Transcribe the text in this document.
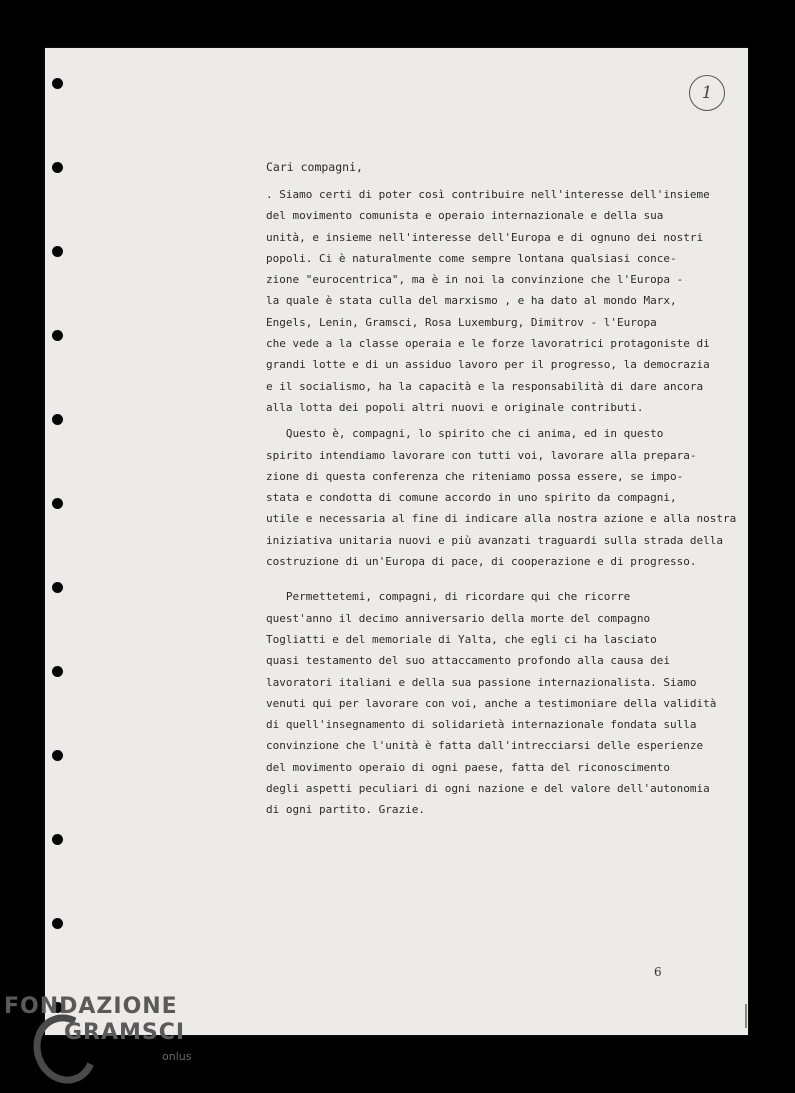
1
Cari compagni,
. Siamo certi di poter così contribuire nell'interesse dell'insieme
del movimento comunista e operaio internazionale e della sua
unità, e insieme nell'interesse dell'Europa e di ognuno dei nostri
popoli. Ci è naturalmente come sempre lontana qualsiasi conce-
zione "eurocentrica", ma è in noi la convinzione che l'Europa -
la quale è stata culla del marxismo , e ha dato al mondo Marx,
Engels, Lenin, Gramsci, Rosa Luxemburg, Dimitrov - l'Europa
che vede a la classe operaia e le forze lavoratrici protagoniste di
grandi lotte e di un assiduo lavoro per il progresso, la democrazia
e il socialismo, ha la capacità e la responsabilità di dare ancora
alla lotta dei popoli altri nuovi e originale contributi.
Questo è, compagni, lo spirito che ci anima, ed in questo
spirito intendiamo lavorare con tutti voi, lavorare alla prepara-
zione di questa conferenza che riteniamo possa essere, se impo-
stata e condotta di comune accordo in uno spirito da compagni,
utile e necessaria al fine di indicare alla nostra azione e alla nostra
iniziativa unitaria nuovi e più avanzati traguardi sulla strada della
costruzione di un'Europa di pace, di cooperazione e di progresso.
Permettetemi, compagni, di ricordare qui che ricorre
quest'anno il decimo anniversario della morte del compagno
Togliatti e del memoriale di Yalta, che egli ci ha lasciato
quasi testamento del suo attaccamento profondo alla causa dei
lavoratori italiani e della sua passione internazionalista. Siamo
venuti qui per lavorare con voi, anche a testimoniare della validità
di quell'insegnamento di solidarietà internazionale fondata sulla
convinzione che l'unità è fatta dall'intrecciarsi delle esperienze
del movimento operaio di ogni paese, fatta del riconoscimento
degli aspetti peculiari di ogni nazione e del valore dell'autonomia
di ogni partito. Grazie.
6
FONDAZIONE
GRAMSCI
onlus
